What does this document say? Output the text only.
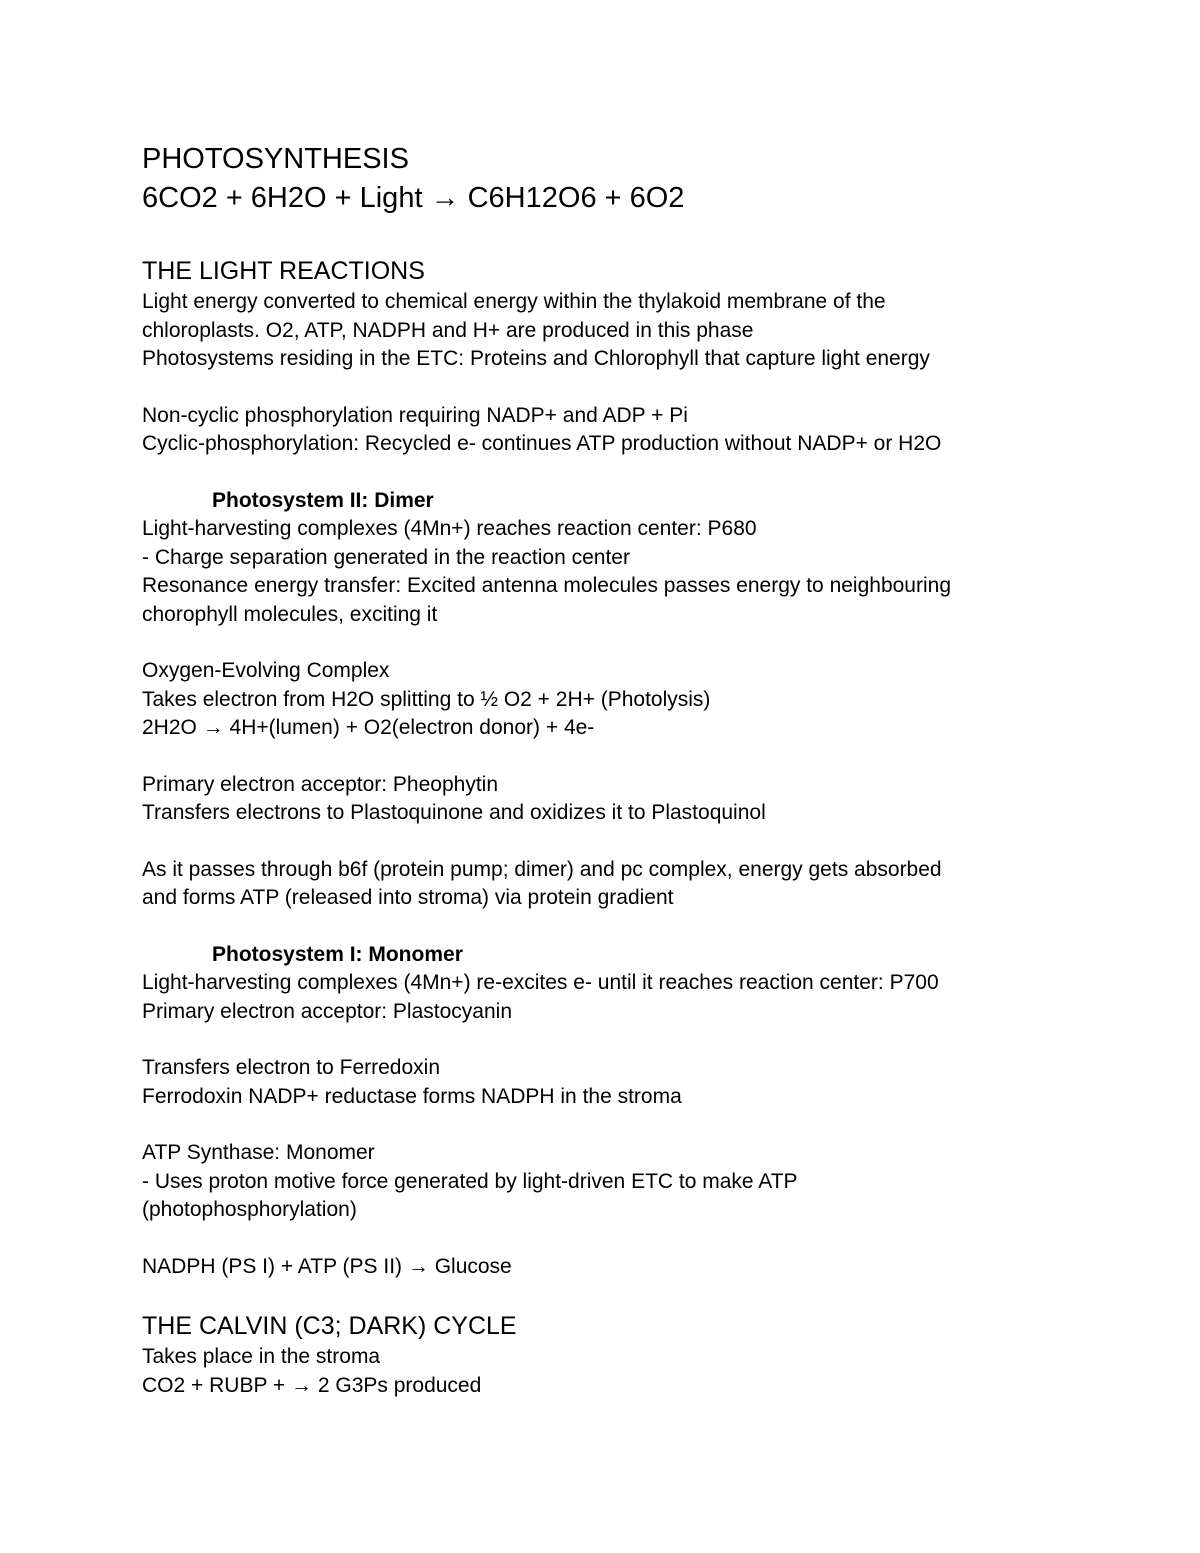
PHOTOSYNTHESIS

6CO2 + 6H2O + Light → C6H12O6 + 6O2

THE LIGHT REACTIONS

Light energy converted to chemical energy within the thylakoid membrane of the

chloroplasts. O2, ATP, NADPH and H+ are produced in this phase

Photosystems residing in the ETC: Proteins and Chlorophyll that capture light energy

Non-cyclic phosphorylation requiring NADP+ and ADP + Pi

Cyclic-phosphorylation: Recycled e- continues ATP production without NADP+ or H2O

Photosystem II: Dimer

Light-harvesting complexes (4Mn+) reaches reaction center: P680

- Charge separation generated in the reaction center

Resonance energy transfer: Excited antenna molecules passes energy to neighbouring

chorophyll molecules, exciting it

Oxygen-Evolving Complex

Takes electron from H2O splitting to ½ O2 + 2H+ (Photolysis)

2H2O → 4H+(lumen) + O2(electron donor) + 4e-

Primary electron acceptor: Pheophytin

Transfers electrons to Plastoquinone and oxidizes it to Plastoquinol

As it passes through b6f (protein pump; dimer) and pc complex, energy gets absorbed

and forms ATP (released into stroma) via protein gradient

Photosystem I: Monomer

Light-harvesting complexes (4Mn+) re-excites e- until it reaches reaction center: P700

Primary electron acceptor: Plastocyanin

Transfers electron to Ferredoxin

Ferrodoxin NADP+ reductase forms NADPH in the stroma

ATP Synthase: Monomer

- Uses proton motive force generated by light-driven ETC to make ATP

(photophosphorylation)

NADPH (PS I) + ATP (PS II) → Glucose

THE CALVIN (C3; DARK) CYCLE

Takes place in the stroma

CO2 + RUBP + → 2 G3Ps produced
